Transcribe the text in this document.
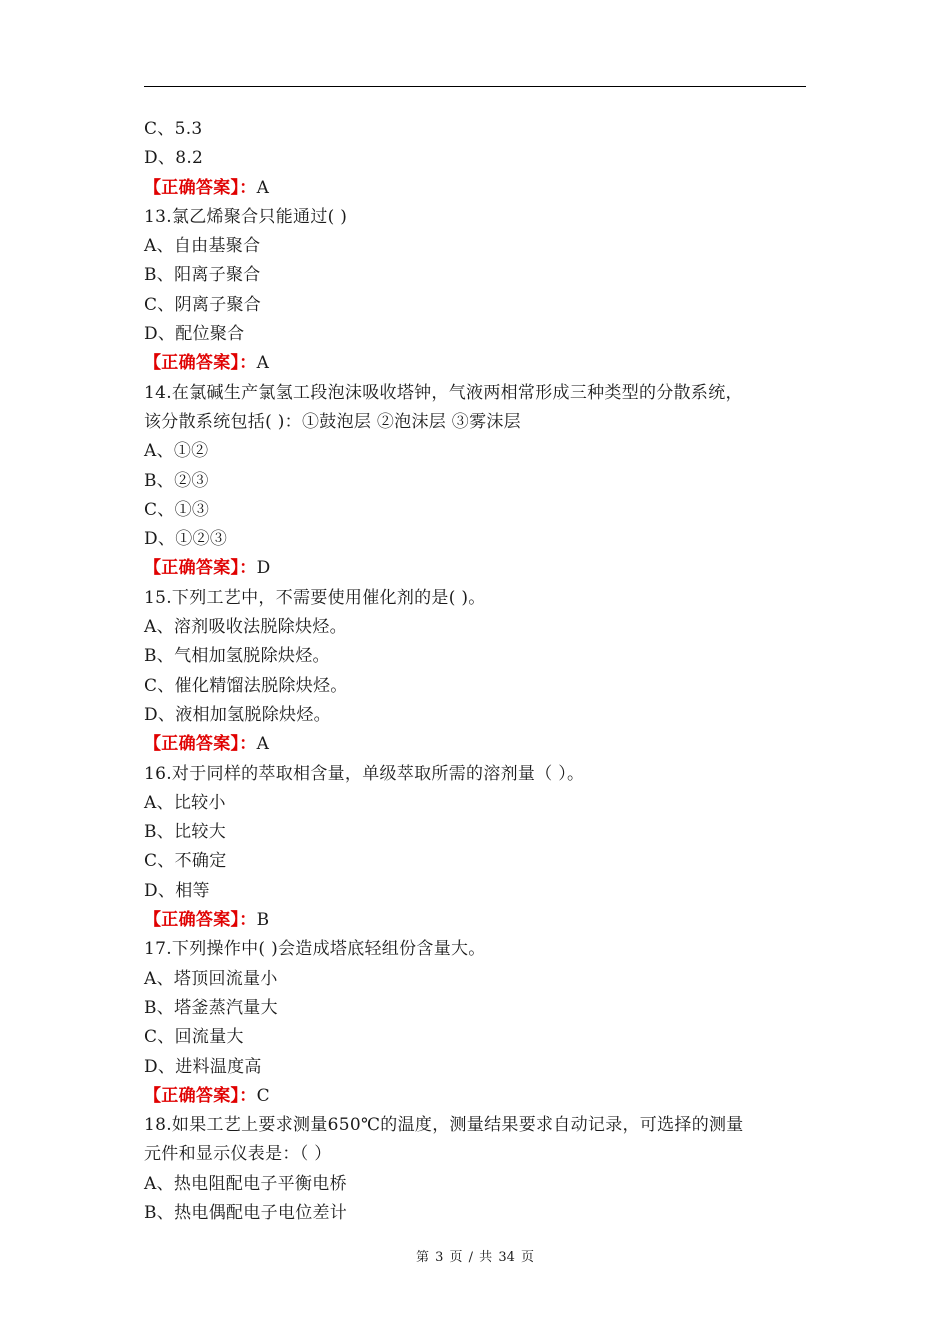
C、5.3
D、8.2
【正确答案】：A
13.氯乙烯聚合只能通过( )
A、自由基聚合
B、阳离子聚合
C、阴离子聚合
D、配位聚合
【正确答案】：A
14.在氯碱生产氯氢工段泡沫吸收塔钟，气液两相常形成三种类型的分散系统，
该分散系统包括( )：①鼓泡层 ②泡沫层 ③雾沫层
A、①②
B、②③
C、①③
D、①②③
【正确答案】：D
15.下列工艺中，不需要使用催化剂的是( )。
A、溶剂吸收法脱除炔烃。
B、气相加氢脱除炔烃。
C、催化精馏法脱除炔烃。
D、液相加氢脱除炔烃。
【正确答案】：A
16.对于同样的萃取相含量，单级萃取所需的溶剂量（ ）。
A、比较小
B、比较大
C、不确定
D、相等
【正确答案】：B
17.下列操作中( )会造成塔底轻组份含量大。
A、塔顶回流量小
B、塔釜蒸汽量大
C、回流量大
D、进料温度高
【正确答案】：C
18.如果工艺上要求测量650℃的温度，测量结果要求自动记录，可选择的测量
元件和显示仪表是：（ ）
A、热电阻配电子平衡电桥
B、热电偶配电子电位差计
第 3 页 / 共 34 页
